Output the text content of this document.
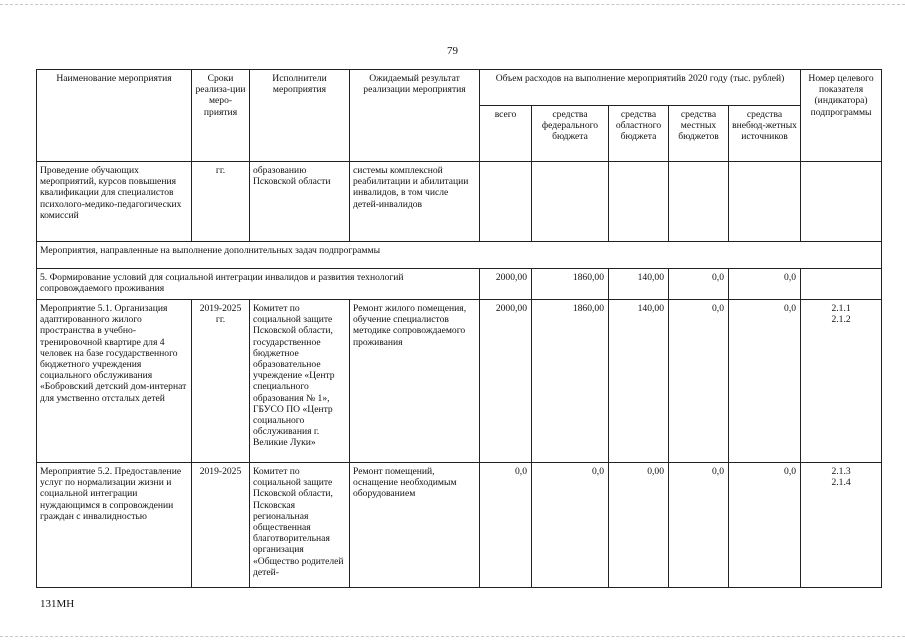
79
Наименование мероприятия	Сроки реализа-ции меро-приятия	Исполнители мероприятия	Ожидаемый результат реализации мероприятия	Объем расходов на выполнение мероприятийв 2020 году (тыс. рублей)					Номер целевого показателя (индикатора) подпрограммы
				всего	средства федерального бюджета	средства областного бюджета	средства местных бюджетов	средства внебюд-жетных источников	
Проведение обучающих мероприятий, курсов повышения квалификации для специалистов психолого-медико-педагогических комиссий	гг.	образованию Псковской области	системы комплексной реабилитации и абилитации инвалидов, в том числе детей-инвалидов						
Мероприятия, направленные на выполнение дополнительных задач подпрограммы									
5. Формирование условий для социальной интеграции инвалидов и развития технологий сопровождаемого проживания				2000,00	1860,00	140,00	0,0	0,0	
Мероприятие 5.1. Организация адаптированного жилого пространства в учебно-тренировочной квартире для 4 человек на базе государственного бюджетного учреждения социального обслуживания «Бобровский детский дом-интернат для умственно отсталых детей	2019-2025 гг.	Комитет по социальной защите Псковской области, государственное бюджетное образовательное учреждение «Центр специального образования № 1», ГБУСО ПО «Центр социального обслуживания г. Великие Луки»	Ремонт жилого помещения, обучение специалистов методике сопровождаемого проживания	2000,00	1860,00	140,00	0,0	0,0	2.1.1
2.1.2

Мероприятие 5.2. Предоставление услуг по нормализации жизни и социальной интеграции нуждающимся в сопровождении граждан с инвалидностью	2019-2025	Комитет по социальной защите Псковской области, Псковская региональная общественная благотворительная организация «Общество родителей детей-	Ремонт помещений, оснащение необходимым оборудованием	0,0	0,0	0,00	0,0	0,0	2.1.3
2.1.4
131МН
